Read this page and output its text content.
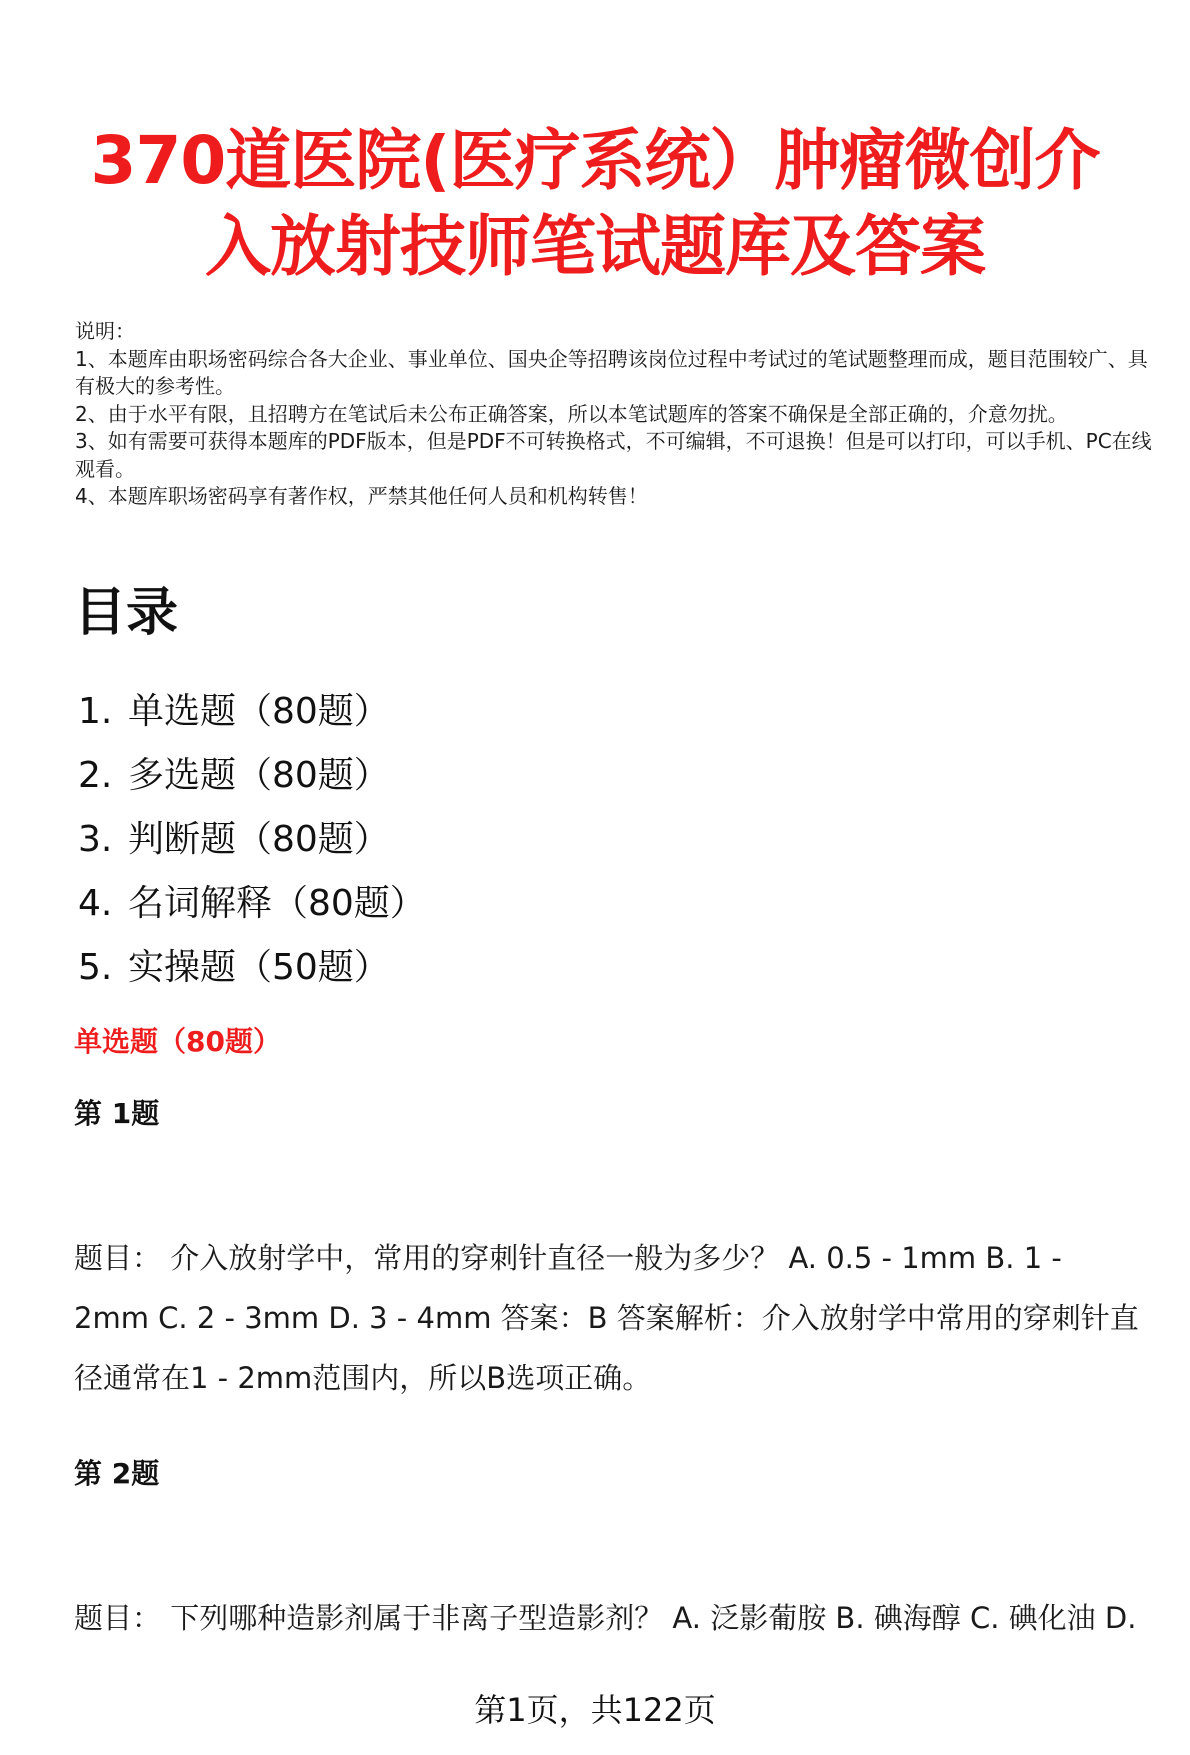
370道医院(医疗系统）肿瘤微创介入放射技师笔试题库及答案

说明：

1、本题库由职场密码综合各大企业、事业单位、国央企等招聘该岗位过程中考试过的笔试题整理而成，题目范围较广、具有极大的参考性。

2、由于水平有限，且招聘方在笔试后未公布正确答案，所以本笔试题库的答案不确保是全部正确的，介意勿扰。

3、如有需要可获得本题库的PDF版本，但是PDF不可转换格式，不可编辑，不可退换！但是可以打印，可以手机、PC在线观看。

4、本题库职场密码享有著作权，严禁其他任何人员和机构转售！

目录
1. 单选题（80题）
2. 多选题（80题）
3. 判断题（80题）
4. 名词解释（80题）
5. 实操题（50题）
单选题（80题）
第 1题

题目： 介入放射学中，常用的穿刺针直径一般为多少？ A. 0.5 - 1mm B. 1 - 2mm C. 2 - 3mm D. 3 - 4mm 答案：B 答案解析：介入放射学中常用的穿刺针直径通常在1 - 2mm范围内，所以B选项正确。

第 2题

题目： 下列哪种造影剂属于非离子型造影剂？ A. 泛影葡胺 B. 碘海醇 C. 碘化油 D.

第1页，共122页
